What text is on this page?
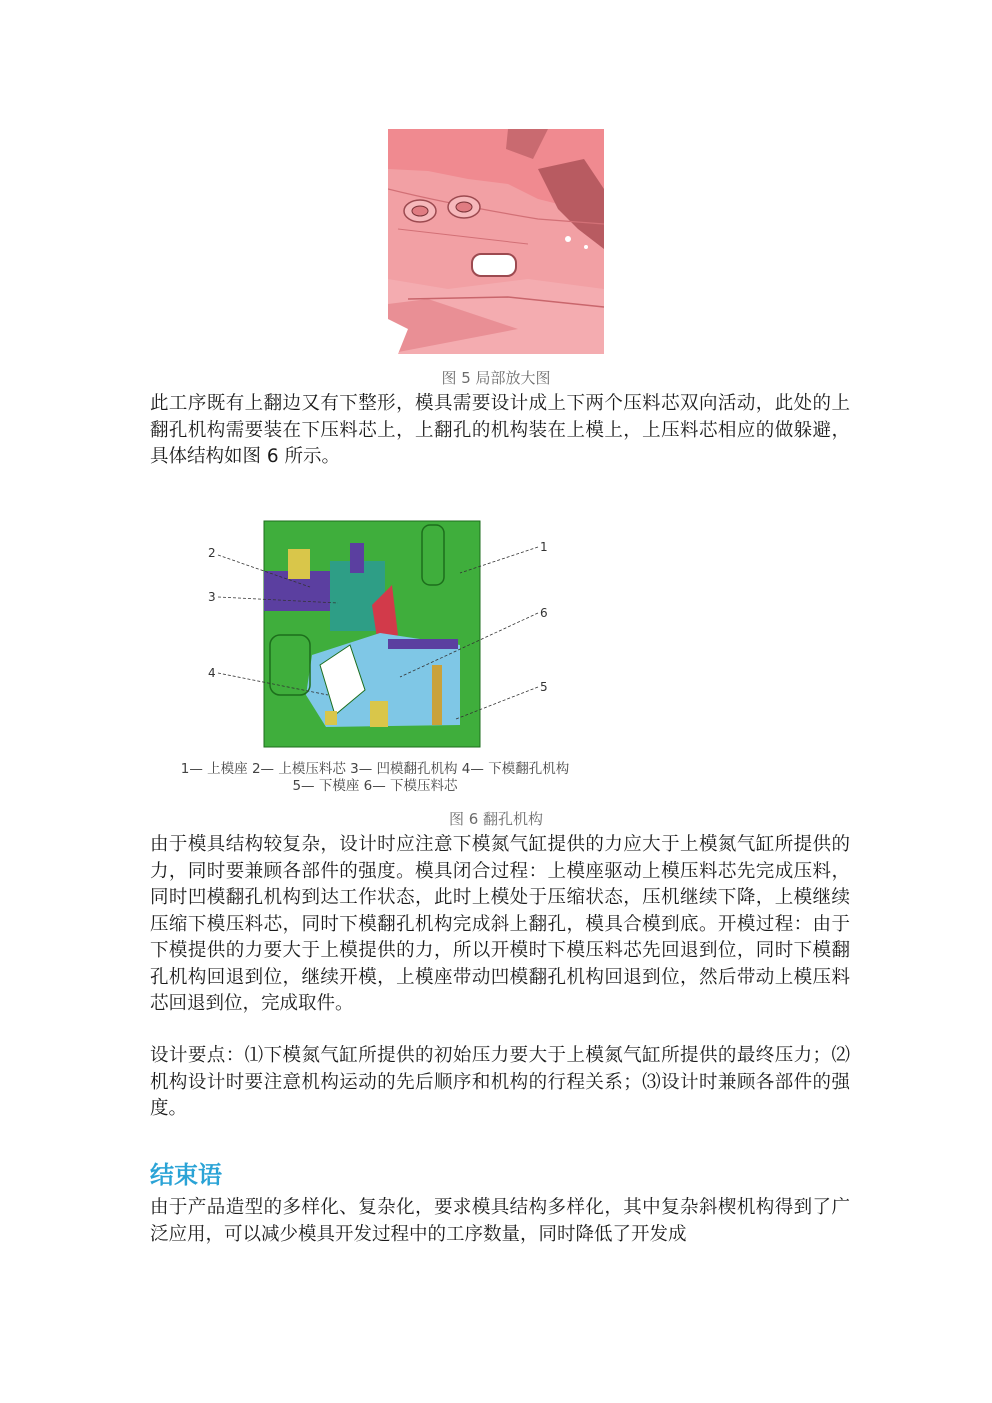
图 5 局部放大图

此工序既有上翻边又有下整形，模具需要设计成上下两个压料芯双向活动，此处的上翻孔机构需要装在下压料芯上，上翻孔的机构装在上模上，上压料芯相应的做躲避，具体结构如图 6 所示。

2
3
4
1
6
5
1— 上模座 2— 上模压料芯 3— 凹模翻孔机构 4— 下模翻孔机构
5— 下模座 6— 下模压料芯
图 6 翻孔机构

由于模具结构较复杂，设计时应注意下模氮气缸提供的力应大于上模氮气缸所提供的力，同时要兼顾各部件的强度。模具闭合过程：上模座驱动上模压料芯先完成压料，同时凹模翻孔机构到达工作状态，此时上模处于压缩状态，压机继续下降，上模继续压缩下模压料芯，同时下模翻孔机构完成斜上翻孔，模具合模到底。开模过程：由于下模提供的力要大于上模提供的力，所以开模时下模压料芯先回退到位，同时下模翻孔机构回退到位，继续开模，上模座带动凹模翻孔机构回退到位，然后带动上模压料芯回退到位，完成取件。

设计要点：⑴下模氮气缸所提供的初始压力要大于上模氮气缸所提供的最终压力；⑵机构设计时要注意机构运动的先后顺序和机构的行程关系；⑶设计时兼顾各部件的强度。

结束语

由于产品造型的多样化、复杂化，要求模具结构多样化，其中复杂斜楔机构得到了广泛应用，可以减少模具开发过程中的工序数量，同时降低了开发成
